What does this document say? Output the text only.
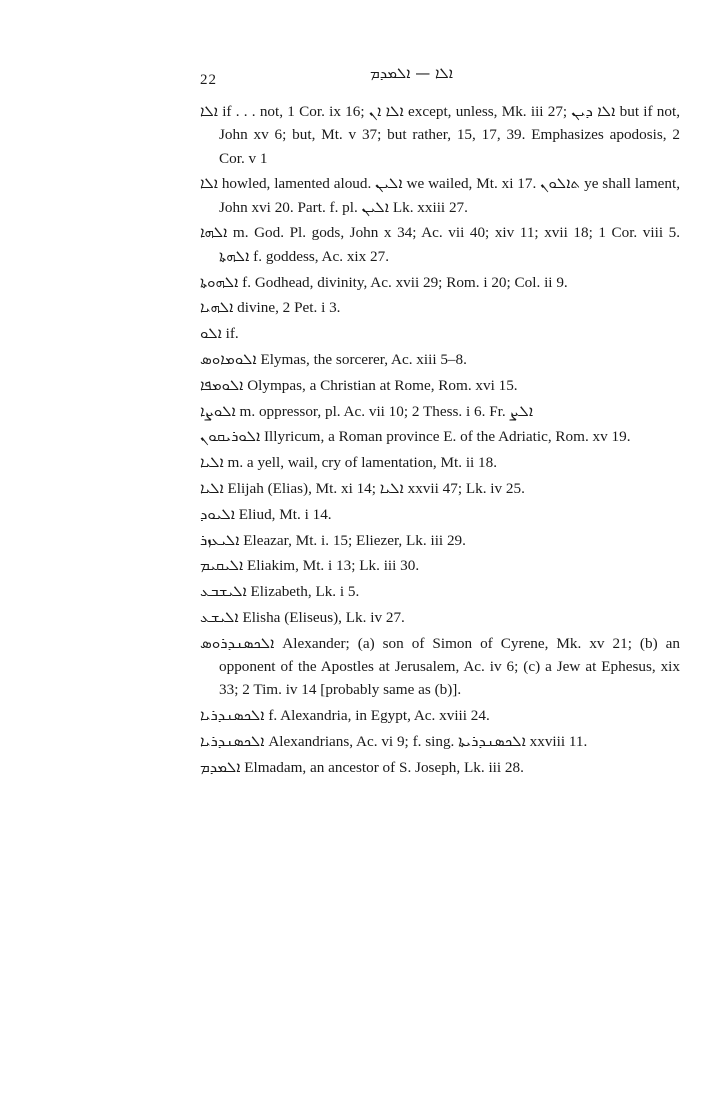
22	ܐܠܐ — ܐܠܡܕܡ

ܐܠܐ if . . . not, 1 Cor. ix 16; ܐܠܐ ܐܢ except, unless, Mk. iii 27; ܐܠܐ ܕܝܢ but if not, John xv 6; but, Mt. v 37; but rather, 15, 17, 39. Emphasizes apodosis, 2 Cor. v 1

ܐܠܐ howled, lamented aloud. ܐܠܝܢ we wailed, Mt. xi 17. ܬܐܠܘܢ ye shall lament, John xvi 20. Part. f. pl. ܐܠܝܢ Lk. xxiii 27.

ܐܠܗܐ m. God. Pl. gods, John x 34; Ac. vii 40; xiv 11; xvii 18; 1 Cor. viii 5. ܐܠܗܬܐ f. goddess, Ac. xix 27.

ܐܠܗܘܬܐ f. Godhead, divinity, Ac. xvii 29; Rom. i 20; Col. ii 9.

ܐܠܗܝܐ divine, 2 Pet. i 3.

ܐܠܘ if.

ܐܠܘܡܐܘܣ Elymas, the sorcerer, Ac. xiii 5–8.

ܐܠܘܡܦܐ Olympas, a Christian at Rome, Rom. xvi 15.

ܐܠܘܨܐ m. oppressor, pl. Ac. vii 10; 2 Thess. i 6. Fr. ܐܠܨ

ܐܠܘܪܝܩܘܢ Illyricum, a Roman province E. of the Adriatic, Rom. xv 19.

ܐܠܝܐ m. a yell, wail, cry of lamentation, Mt. ii 18.

ܐܠܝܐ Elijah (Elias), Mt. xi 14; ܐܠܝܐ xxvii 47; Lk. iv 25.

ܐܠܝܘܕ Eliud, Mt. i 14.

ܐܠܝܥܙܪ Eleazar, Mt. i. 15; Eliezer, Lk. iii 29.

ܐܠܝܩܝܡ Eliakim, Mt. i 13; Lk. iii 30.

ܐܠܝܫܒܥ Elizabeth, Lk. i 5.

ܐܠܝܫܥ Elisha (Eliseus), Lk. iv 27.

ܐܠܟܣܢܕܪܘܣ Alexander; (a) son of Simon of Cyrene, Mk. xv 21; (b) an opponent of the Apostles at Jerusalem, Ac. iv 6; (c) a Jew at Ephesus, xix 33; 2 Tim. iv 14 [probably same as (b)].

ܐܠܟܣܢܕܪܝܐ f. Alexandria, in Egypt, Ac. xviii 24.

ܐܠܟܣܢܕܪܝܐ Alexandrians, Ac. vi 9; f. sing. ܐܠܟܣܢܕܪܝܬܐ xxviii 11.

ܐܠܡܕܡ Elmadam, an ancestor of S. Joseph, Lk. iii 28.
